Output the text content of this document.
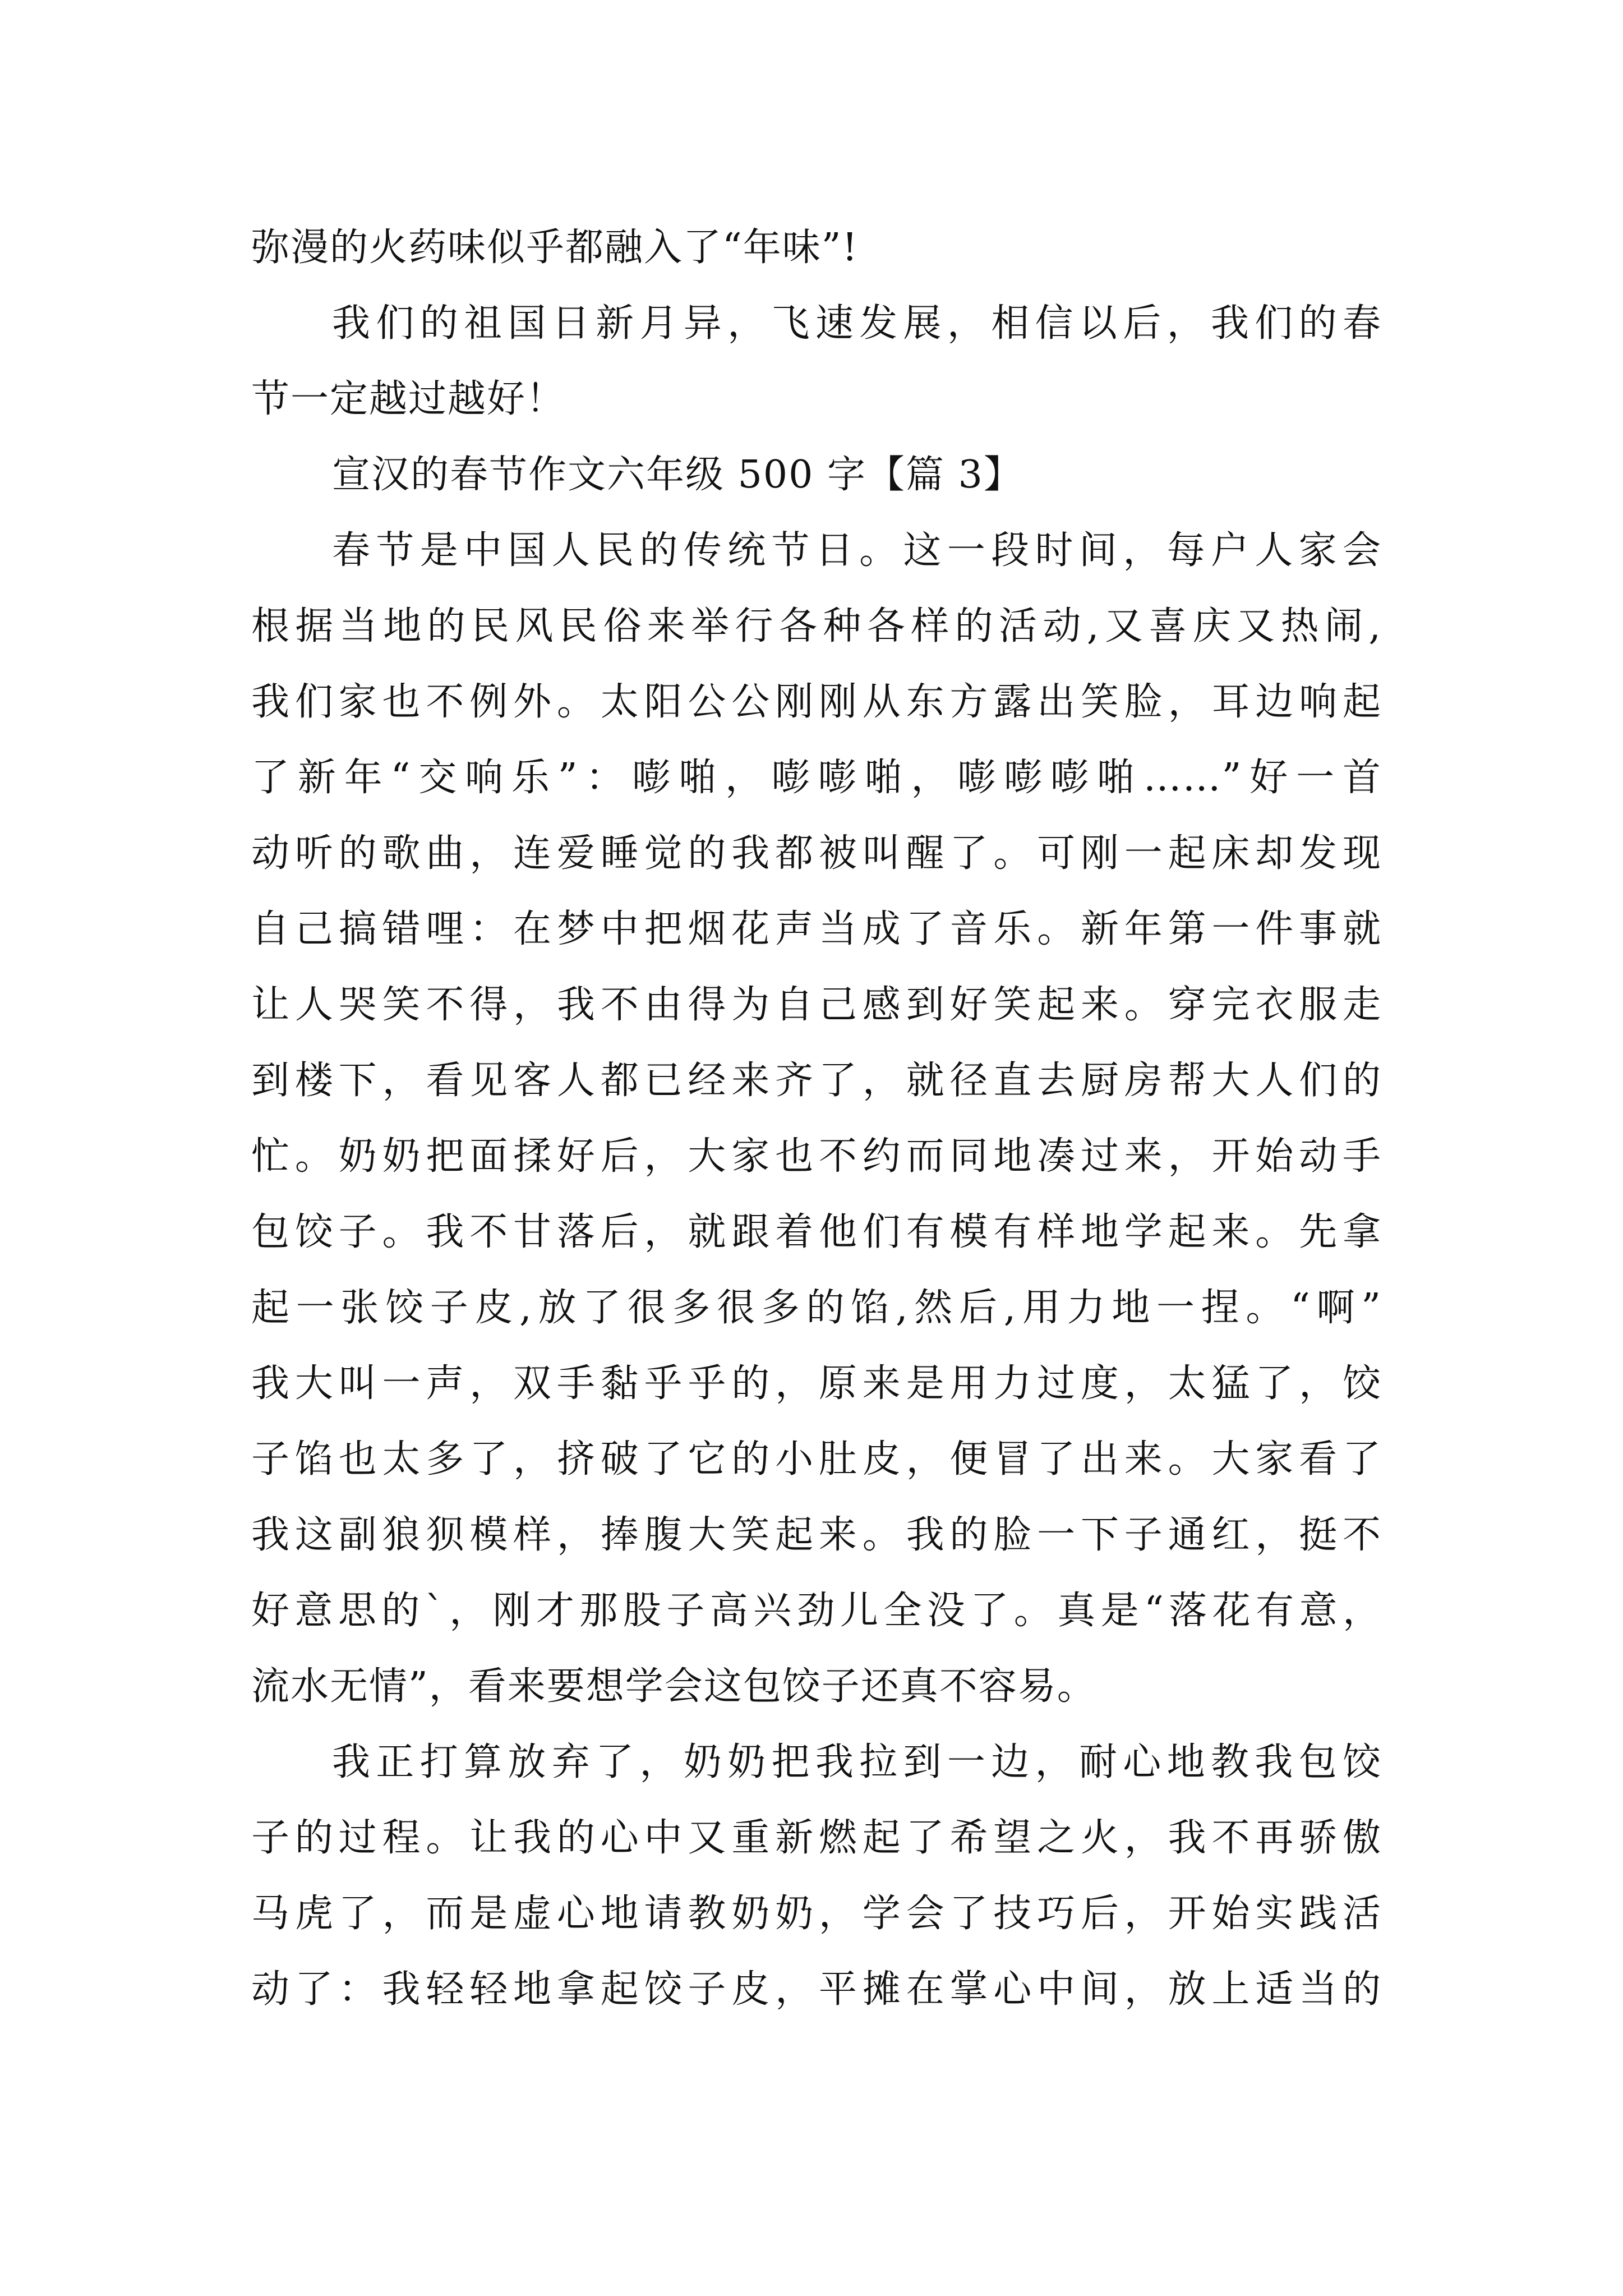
弥漫的火药味似乎都融入了“年味”!
我们的祖国日新月异，飞速发展，相信以后，我们的春
节一定越过越好！
宣汉的春节作文六年级 500 字【篇 3】
春节是中国人民的传统节日。这一段时间，每户人家会
根据当地的民风民俗来举行各种各样的活动,又喜庆又热闹,
我们家也不例外。太阳公公刚刚从东方露出笑脸，耳边响起
了新年“交响乐”：嘭啪，嘭嘭啪，嘭嘭嘭啪……”好一首
动听的歌曲，连爱睡觉的我都被叫醒了。可刚一起床却发现
自己搞错哩：在梦中把烟花声当成了音乐。新年第一件事就
让人哭笑不得，我不由得为自己感到好笑起来。穿完衣服走
到楼下，看见客人都已经来齐了，就径直去厨房帮大人们的
忙。奶奶把面揉好后，大家也不约而同地凑过来，开始动手
包饺子。我不甘落后，就跟着他们有模有样地学起来。先拿
起一张饺子皮,放了很多很多的馅,然后,用力地一捏。“啊”
我大叫一声，双手黏乎乎的，原来是用力过度，太猛了，饺
子馅也太多了，挤破了它的小肚皮，便冒了出来。大家看了
我这副狼狈模样，捧腹大笑起来。我的脸一下子通红，挺不
好意思的`，刚才那股子高兴劲儿全没了。真是“落花有意，
流水无情”，看来要想学会这包饺子还真不容易。
我正打算放弃了，奶奶把我拉到一边，耐心地教我包饺
子的过程。让我的心中又重新燃起了希望之火，我不再骄傲
马虎了，而是虚心地请教奶奶，学会了技巧后，开始实践活
动了：我轻轻地拿起饺子皮，平摊在掌心中间，放上适当的
